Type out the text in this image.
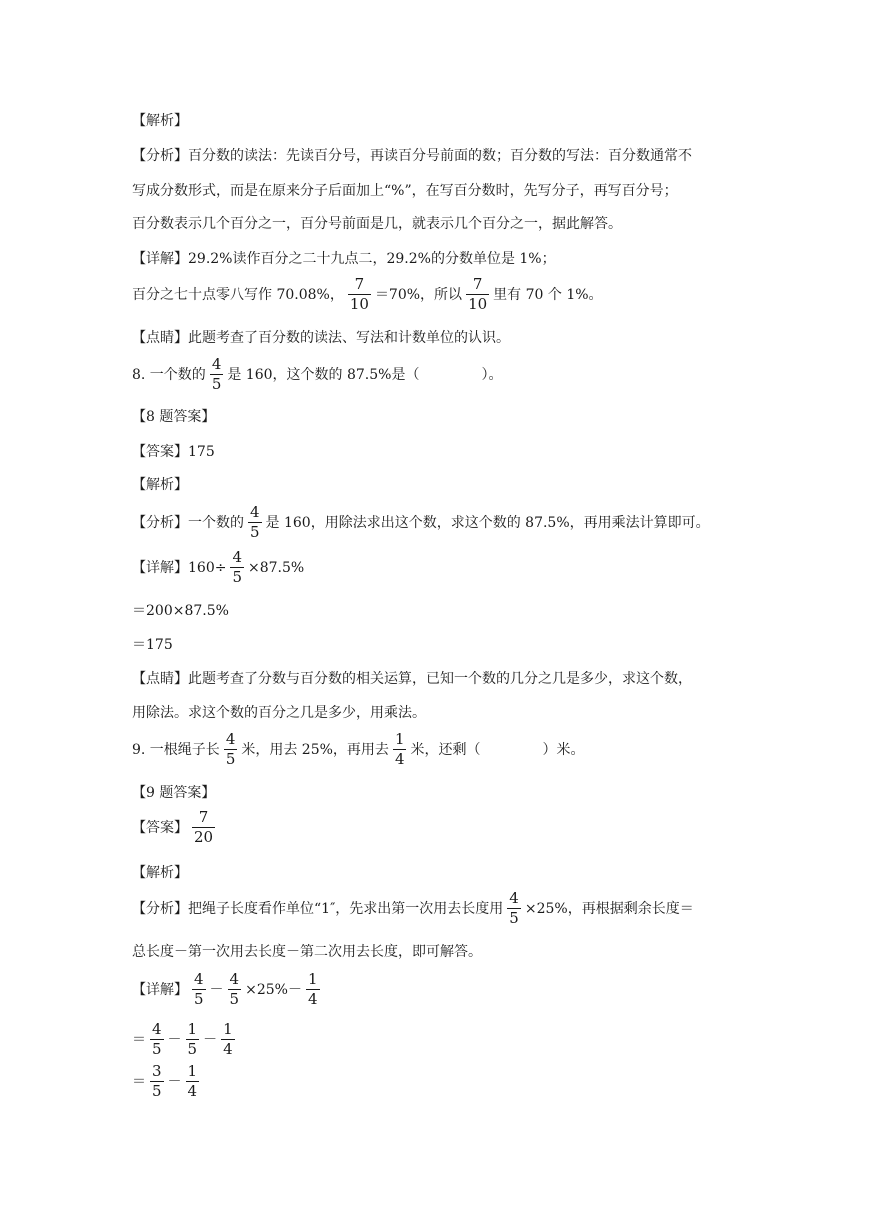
【解析】
【分析】百分数的读法：先读百分号，再读百分号前面的数；百分数的写法：百分数通常不
写成分数形式，而是在原来分子后面加上“%”，在写百分数时，先写分子，再写百分号；
百分数表示几个百分之一，百分号前面是几，就表示几个百分之一，据此解答。
【详解】29.2%读作百分之二十九点二，29.2%的分数单位是 1%；
百分之七十点零八写作 70.08%， $\frac{7}{10} =70\%$，所以 $\frac{7}{10}$ 里有 70 个 1%。
【点睛】此题考查了百分数的读法、写法和计数单位的认识。
8. 一个数的 $\frac{4}{5}$ 是 160，这个数的 87.5%是（	）。
【8 题答案】
【答案】175
【解析】
【分析】一个数的 $\frac{4}{5}$ 是 160，用除法求出这个数，求这个数的 87.5%，再用乘法计算即可。
【详解】$160\div \frac{4}{5} \times 87.5\%$
＝200×87.5%
＝175
【点睛】此题考查了分数与百分数的相关运算，已知一个数的几分之几是多少，求这个数，
用除法。求这个数的百分之几是多少，用乘法。
9. 一根绳子长 $\frac{4}{5}$ 米，用去 25%，再用去 $\frac{1}{4}$ 米，还剩（	）米。
【9 题答案】
【答案】 $\frac{7}{20}$
【解析】
【分析】把绳子长度看作单位“1″，先求出第一次用去长度用 $\frac{4}{5} \times 25\%$，再根据剩余长度＝
总长度－第一次用去长度－第二次用去长度，即可解答。
【详解】 $\frac{4}{5} - \frac{4}{5} \times 25\%- \frac{1}{4}$
＝ $\frac{4}{5} - \frac{1}{5} - \frac{1}{4}$
＝ $\frac{3}{5} - \frac{1}{4}$
